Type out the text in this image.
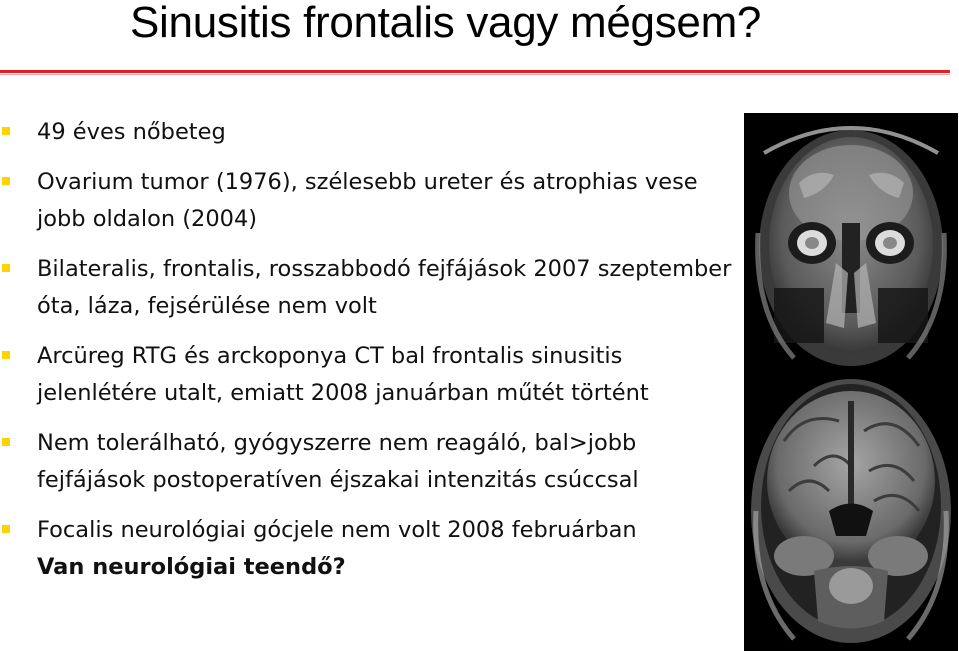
Sinusitis frontalis vagy mégsem?
49 éves nőbeteg
Ovarium tumor (1976), szélesebb ureter és atrophias vese jobb oldalon (2004)
Bilateralis, frontalis, rosszabbodó fejfájások 2007 szeptember óta, láza, fejsérülése nem volt
Arcüreg RTG és arckoponya CT bal frontalis sinusitis jelenlétére utalt, emiatt 2008 januárban műtét történt
Nem tolerálható, gyógyszerre nem reagáló, bal>jobb fejfájások postoperatíven éjszakai intenzitás csúccsal
Focalis neurológiai gócjele nem volt 2008 februárban
Van neurológiai teendő?
